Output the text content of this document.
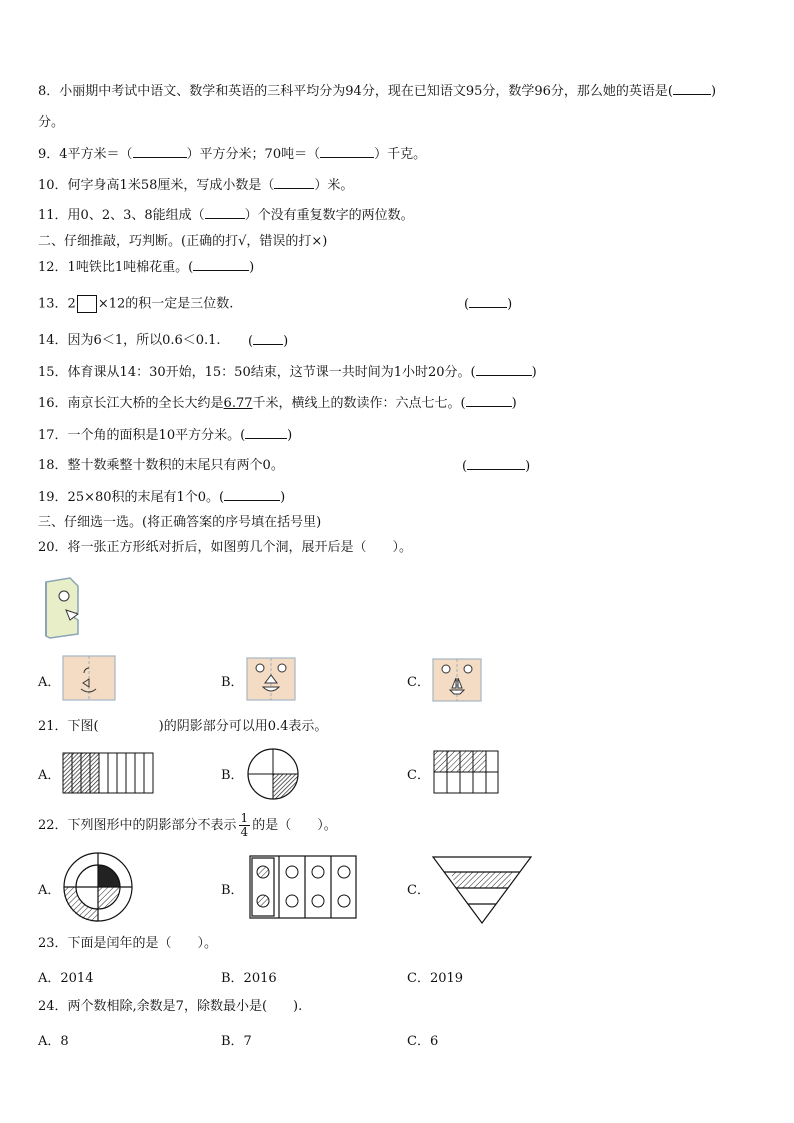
8．小丽期中考试中语文、数学和英语的三科平均分为94分，现在已知语文95分，数学96分，那么她的英语是(	)
分。
9．4平方米＝（	）平方分米；70吨＝（	）千克。
10．何字身高1米58厘米，写成小数是（	）米。
11．用0、2、3、8能组成（	）个没有重复数字的两位数。
二、仔细推敲，巧判断。(正确的打√，错误的打×)
12．1吨铁比1吨棉花重。(	)
13．2 ×12的积一定是三位数.	(	)
14．因为6＜1，所以0.6＜0.1. ( )
15．体育课从14：30开始，15：50结束，这节课一共时间为1小时20分。(	)
16．南京长江大桥的全长大约是6.77千米，横线上的数读作：六点七七。(	)
17．一个角的面积是10平方分米。(	)
18．整十数乘整十数积的末尾只有两个0。	(	)
19．25×80积的末尾有1个0。(	)
三、仔细选一选。(将正确答案的序号填在括号里)
20．将一张正方形纸对折后，如图剪几个洞，展开后是（　　）。
A．	B．	C．
21．下图(	)的阴影部分可以用0.4表示。
A．	B．	C．
22．下列图形中的阴影部分不表示 $\frac{1}{4}$ 的是（　　）。
A．	B．	C．
23．下面是闰年的是（　　）。
A．2014	B．2016	C．2019
24．两个数相除,余数是7，除数最小是(　　).
A．8	B．7	C．6
